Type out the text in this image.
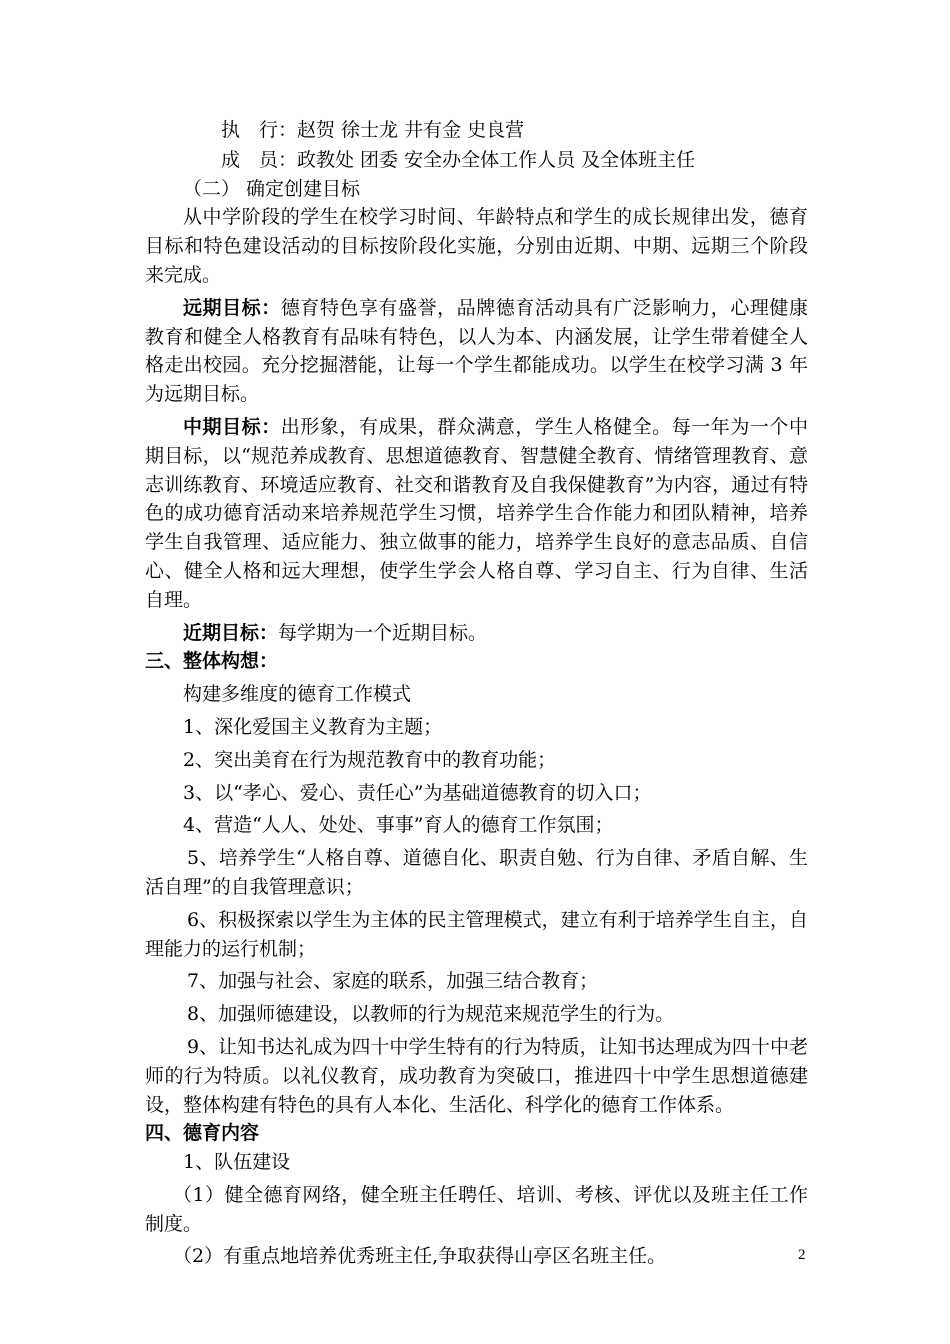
执　行：赵贺 徐士龙 井有金 史良营

成　员：政教处 团委 安全办全体工作人员 及全体班主任

（二） 确定创建目标

从中学阶段的学生在校学习时间、年龄特点和学生的成长规律出发，德育目标和特色建设活动的目标按阶段化实施，分别由近期、中期、远期三个阶段来完成。

远期目标：德育特色享有盛誉，品牌德育活动具有广泛影响力，心理健康教育和健全人格教育有品味有特色，以人为本、内涵发展，让学生带着健全人格走出校园。充分挖掘潜能，让每一个学生都能成功。以学生在校学习满 3 年为远期目标。

中期目标：出形象，有成果，群众满意，学生人格健全。每一年为一个中期目标，以“规范养成教育、思想道德教育、智慧健全教育、情绪管理教育、意志训练教育、环境适应教育、社交和谐教育及自我保健教育”为内容，通过有特色的成功德育活动来培养规范学生习惯，培养学生合作能力和团队精神，培养学生自我管理、适应能力、独立做事的能力，培养学生良好的意志品质、自信心、健全人格和远大理想，使学生学会人格自尊、学习自主、行为自律、生活自理。

近期目标：每学期为一个近期目标。

三、整体构想：

构建多维度的德育工作模式

1、深化爱国主义教育为主题；

2、突出美育在行为规范教育中的教育功能；

3、以“孝心、爱心、责任心”为基础道德教育的切入口；

4、营造“人人、处处、事事”育人的德育工作氛围；

5、培养学生“人格自尊、道德自化、职责自勉、行为自律、矛盾自解、生活自理”的自我管理意识；

6、积极探索以学生为主体的民主管理模式，建立有利于培养学生自主，自理能力的运行机制；

7、加强与社会、家庭的联系，加强三结合教育；

8、加强师德建设，以教师的行为规范来规范学生的行为。

9、让知书达礼成为四十中学生特有的行为特质，让知书达理成为四十中老师的行为特质。以礼仪教育，成功教育为突破口，推进四十中学生思想道德建设，整体构建有特色的具有人本化、生活化、科学化的德育工作体系。

四、德育内容

1、队伍建设

（1）健全德育网络，健全班主任聘任、培训、考核、评优以及班主任工作制度。

（2）有重点地培养优秀班主任,争取获得山亭区名班主任。	2
